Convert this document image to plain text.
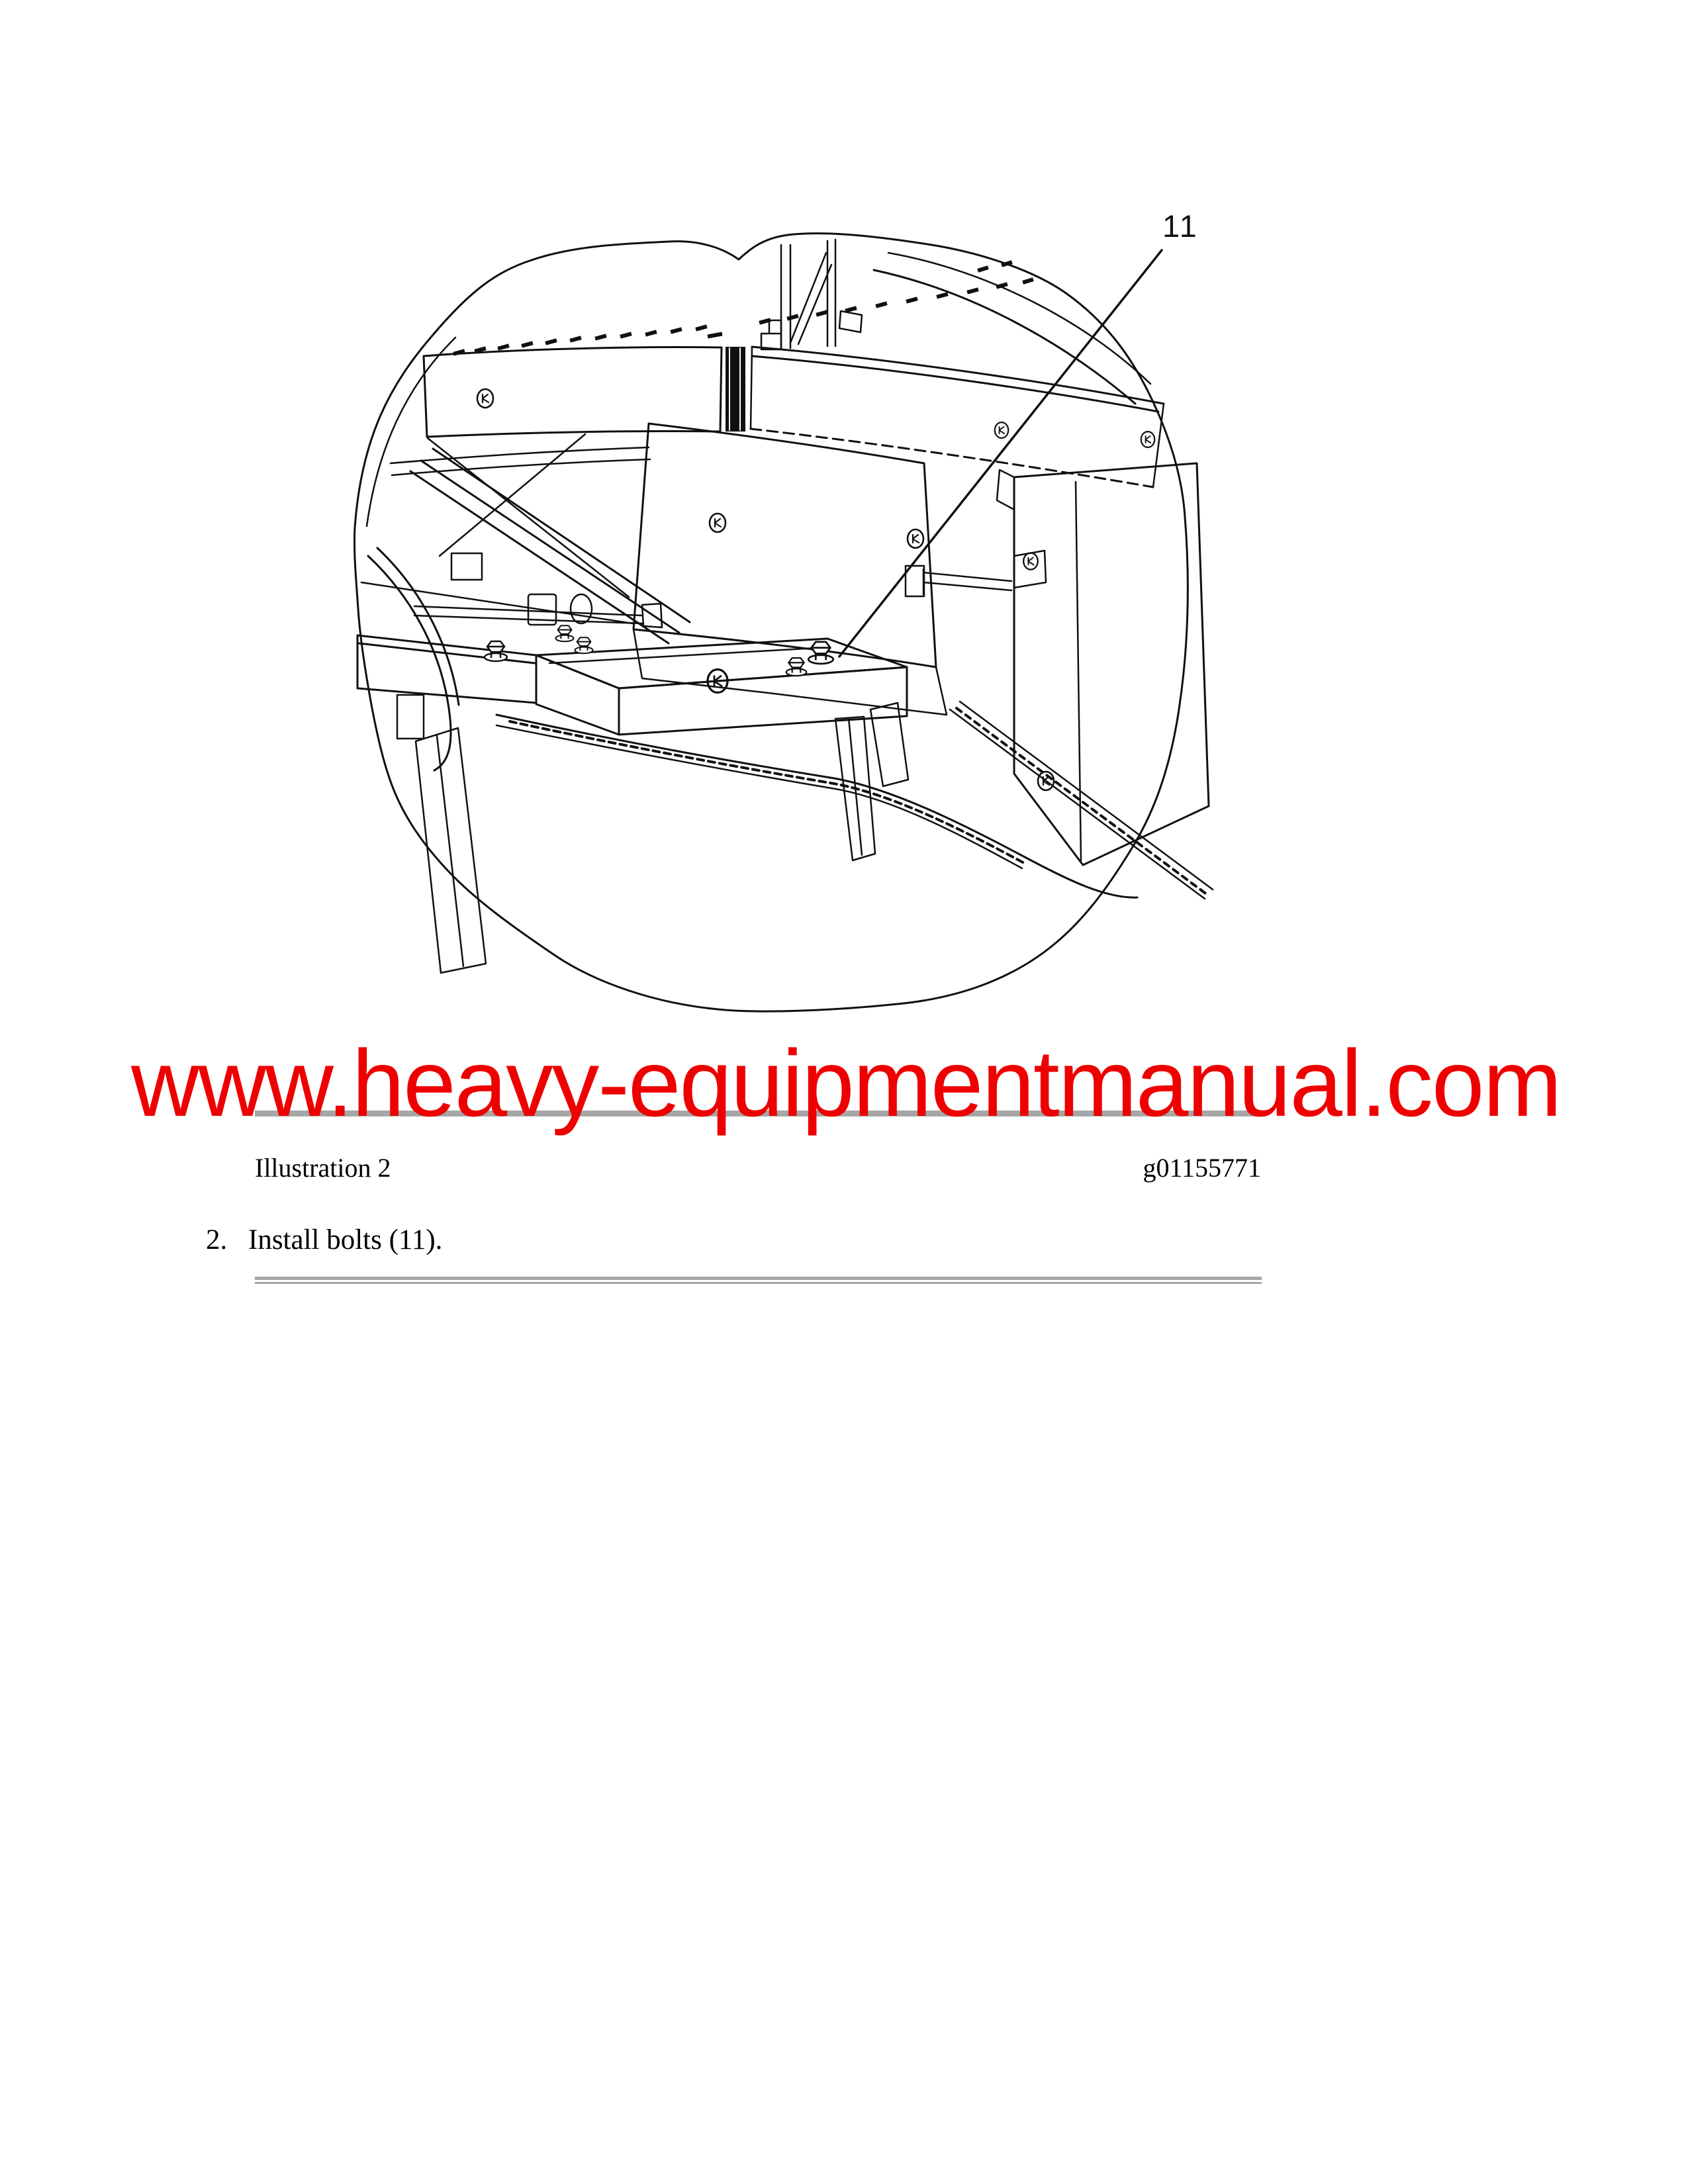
11
www.heavy-equipmentmanual.com
Illustration 2	g01155771
2. Install bolts (11).
